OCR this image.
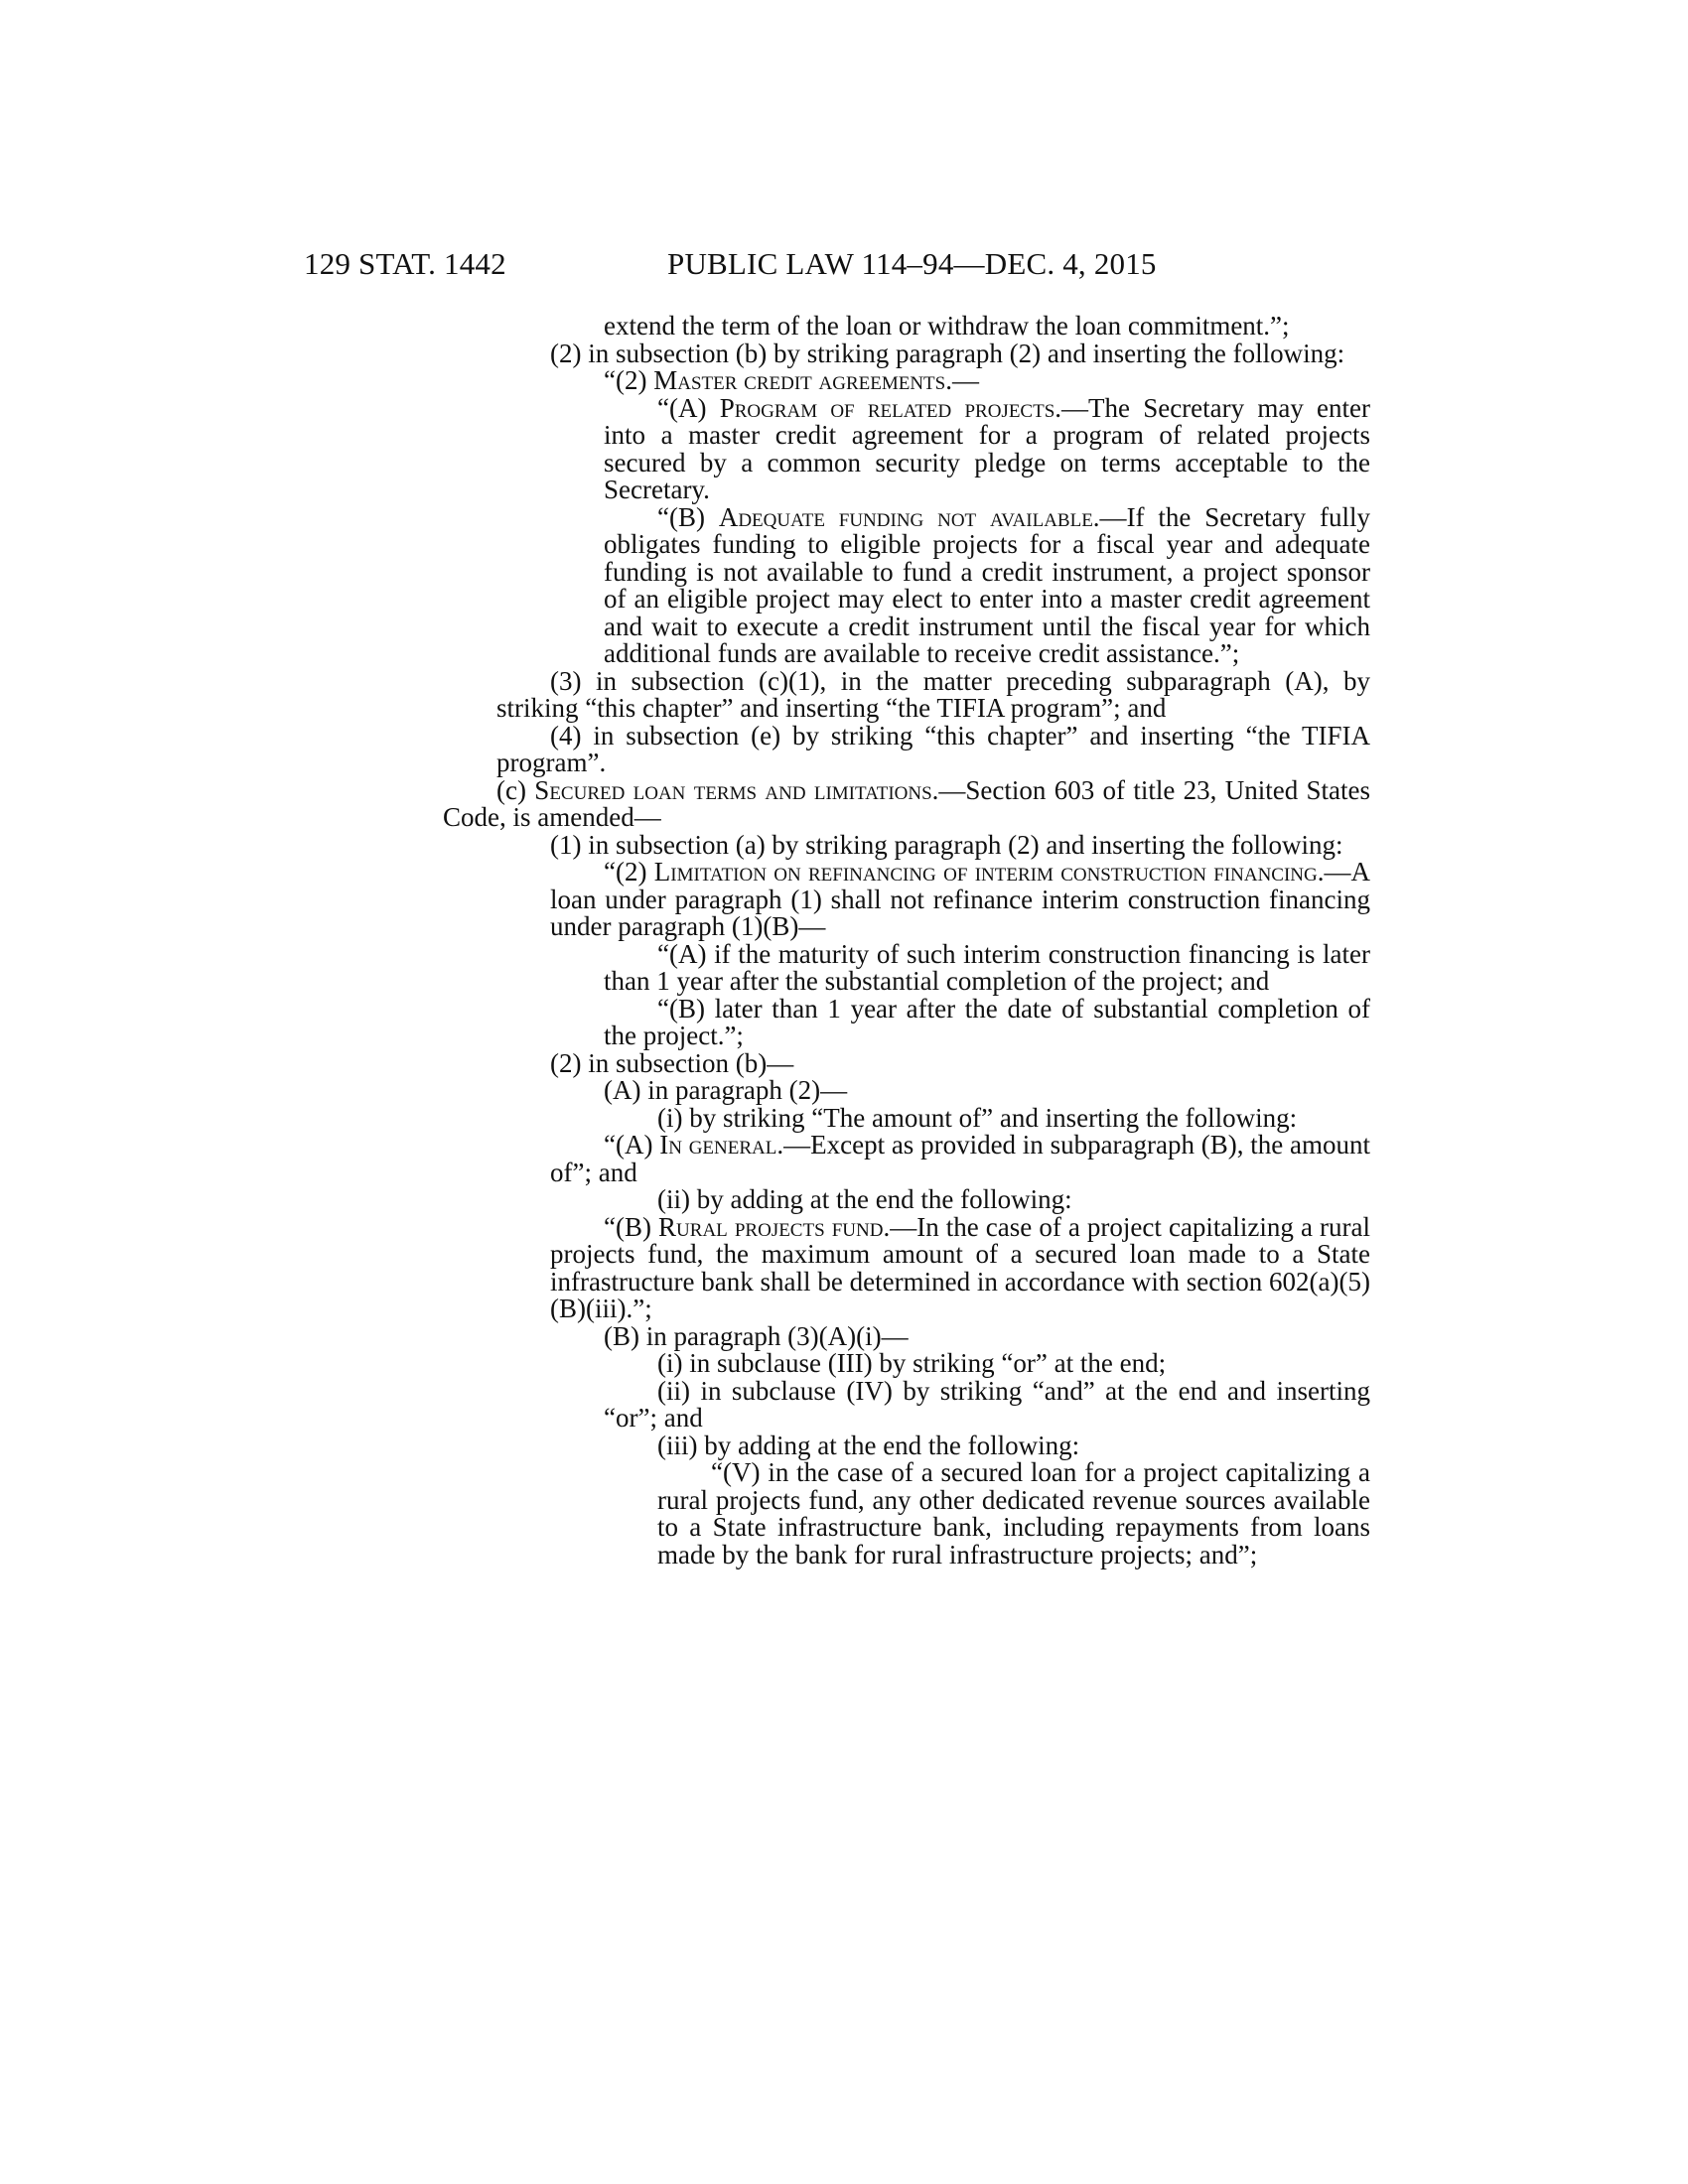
129 STAT. 1442	PUBLIC LAW 114–94—DEC. 4, 2015

extend the term of the loan or withdraw the loan commitment.”;

(2) in subsection (b) by striking paragraph (2) and inserting the following:

“(2) Master credit agreements.—

“(A) Program of related projects.—The Secretary may enter into a master credit agreement for a program of related projects secured by a common security pledge on terms acceptable to the Secretary.

“(B) Adequate funding not available.—If the Secretary fully obligates funding to eligible projects for a fiscal year and adequate funding is not available to fund a credit instrument, a project sponsor of an eligible project may elect to enter into a master credit agreement and wait to execute a credit instrument until the fiscal year for which additional funds are available to receive credit assistance.”;

(3) in subsection (c)(1), in the matter preceding subparagraph (A), by striking “this chapter” and inserting “the TIFIA program”; and

(4) in subsection (e) by striking “this chapter” and inserting “the TIFIA program”.

(c) Secured loan terms and limitations.—Section 603 of title 23, United States Code, is amended—

(1) in subsection (a) by striking paragraph (2) and inserting the following:

“(2) Limitation on refinancing of interim construction financing.—A loan under paragraph (1) shall not refinance interim construction financing under paragraph (1)(B)—

“(A) if the maturity of such interim construction financing is later than 1 year after the substantial completion of the project; and

“(B) later than 1 year after the date of substantial completion of the project.”;

(2) in subsection (b)—

(A) in paragraph (2)—

(i) by striking “The amount of” and inserting the following:

“(A) In general.—Except as provided in subparagraph (B), the amount of”; and

(ii) by adding at the end the following:

“(B) Rural projects fund.—In the case of a project capitalizing a rural projects fund, the maximum amount of a secured loan made to a State infrastructure bank shall be determined in accordance with section 602(a)(5)(B)(iii).”;

(B) in paragraph (3)(A)(i)—

(i) in subclause (III) by striking “or” at the end;

(ii) in subclause (IV) by striking “and” at the end and inserting “or”; and

(iii) by adding at the end the following:

“(V) in the case of a secured loan for a project capitalizing a rural projects fund, any other dedicated revenue sources available to a State infrastructure bank, including repayments from loans made by the bank for rural infrastructure projects; and”;
